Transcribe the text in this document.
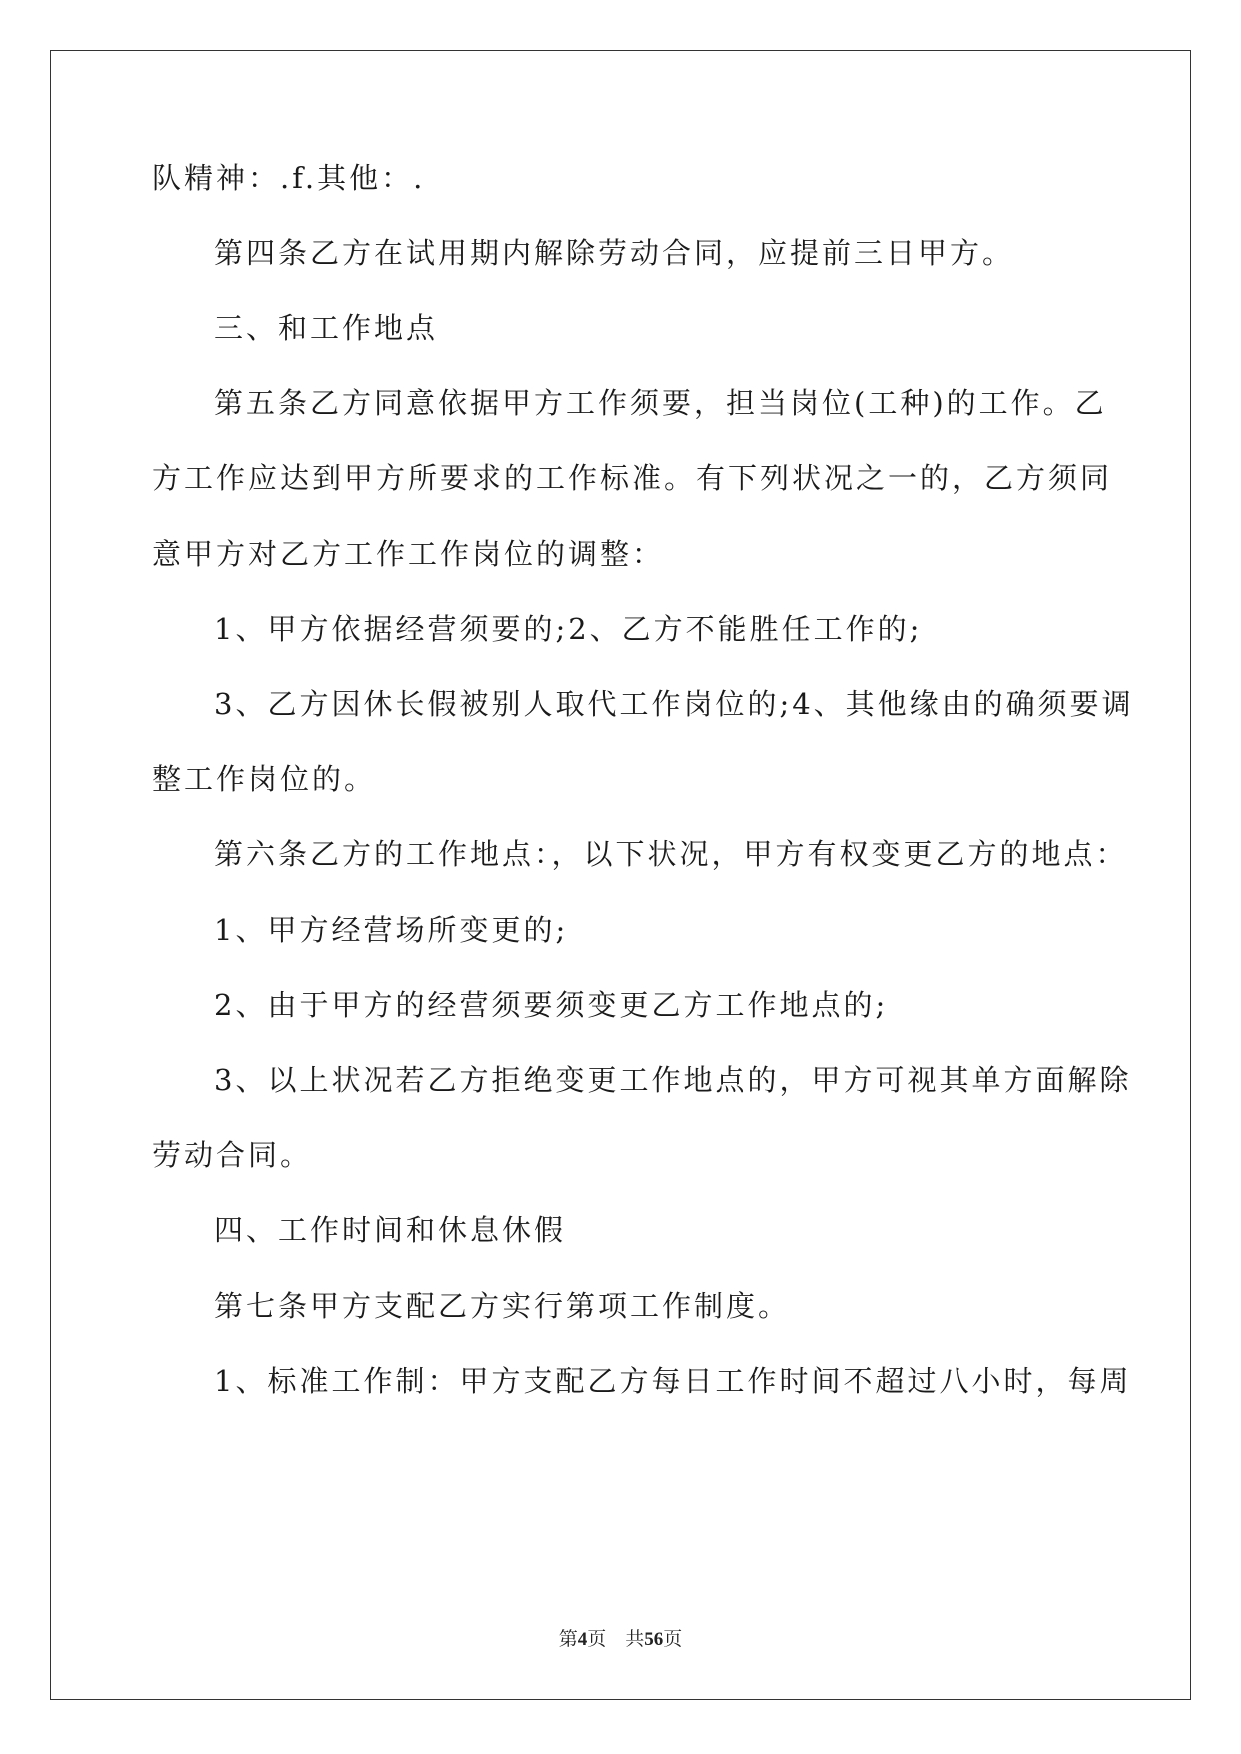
队精神：.f.其他：.
第四条乙方在试用期内解除劳动合同，应提前三日甲方。
三、和工作地点
第五条乙方同意依据甲方工作须要，担当岗位(工种)的工作。乙
方工作应达到甲方所要求的工作标准。有下列状况之一的，乙方须同
意甲方对乙方工作工作岗位的调整：
1、甲方依据经营须要的;2、乙方不能胜任工作的;
3、乙方因休长假被别人取代工作岗位的;4、其他缘由的确须要调
整工作岗位的。
第六条乙方的工作地点：，以下状况，甲方有权变更乙方的地点：
1、甲方经营场所变更的;
2、由于甲方的经营须要须变更乙方工作地点的;
3、以上状况若乙方拒绝变更工作地点的，甲方可视其单方面解除
劳动合同。
四、工作时间和休息休假
第七条甲方支配乙方实行第项工作制度。
1、标准工作制：甲方支配乙方每日工作时间不超过八小时，每周
第4页 共56页
